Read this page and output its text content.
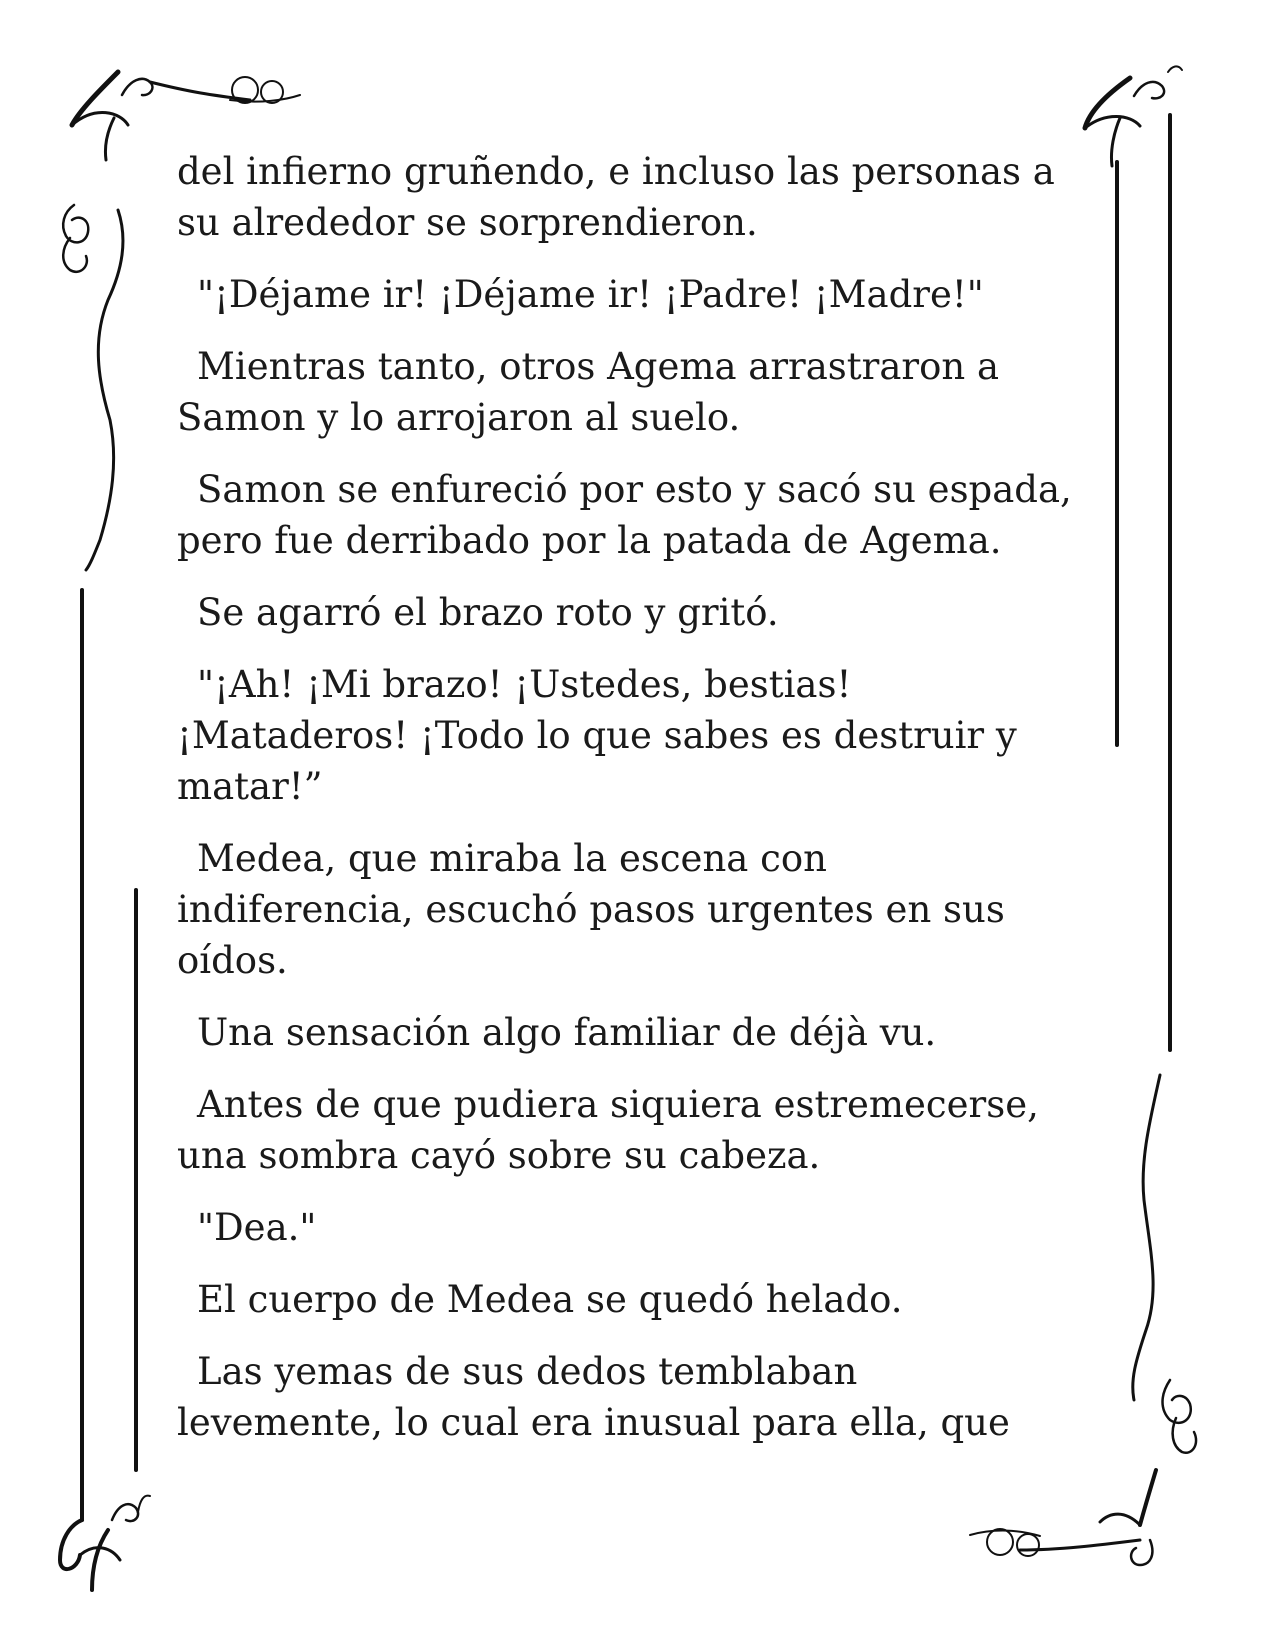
del infierno gruñendo, e incluso las personas a
su alrededor se sorprendieron.

"¡Déjame ir! ¡Déjame ir! ¡Padre! ¡Madre!"

Mientras tanto, otros Agema arrastraron a
Samon y lo arrojaron al suelo.

Samon se enfureció por esto y sacó su espada,
pero fue derribado por la patada de Agema.

Se agarró el brazo roto y gritó.

"¡Ah! ¡Mi brazo! ¡Ustedes, bestias!
¡Mataderos! ¡Todo lo que sabes es destruir y
matar!”

Medea, que miraba la escena con
indiferencia, escuchó pasos urgentes en sus
oídos.

Una sensación algo familiar de déjà vu.

Antes de que pudiera siquiera estremecerse,
una sombra cayó sobre su cabeza.

"Dea."

El cuerpo de Medea se quedó helado.

Las yemas de sus dedos temblaban
levemente, lo cual era inusual para ella, que
